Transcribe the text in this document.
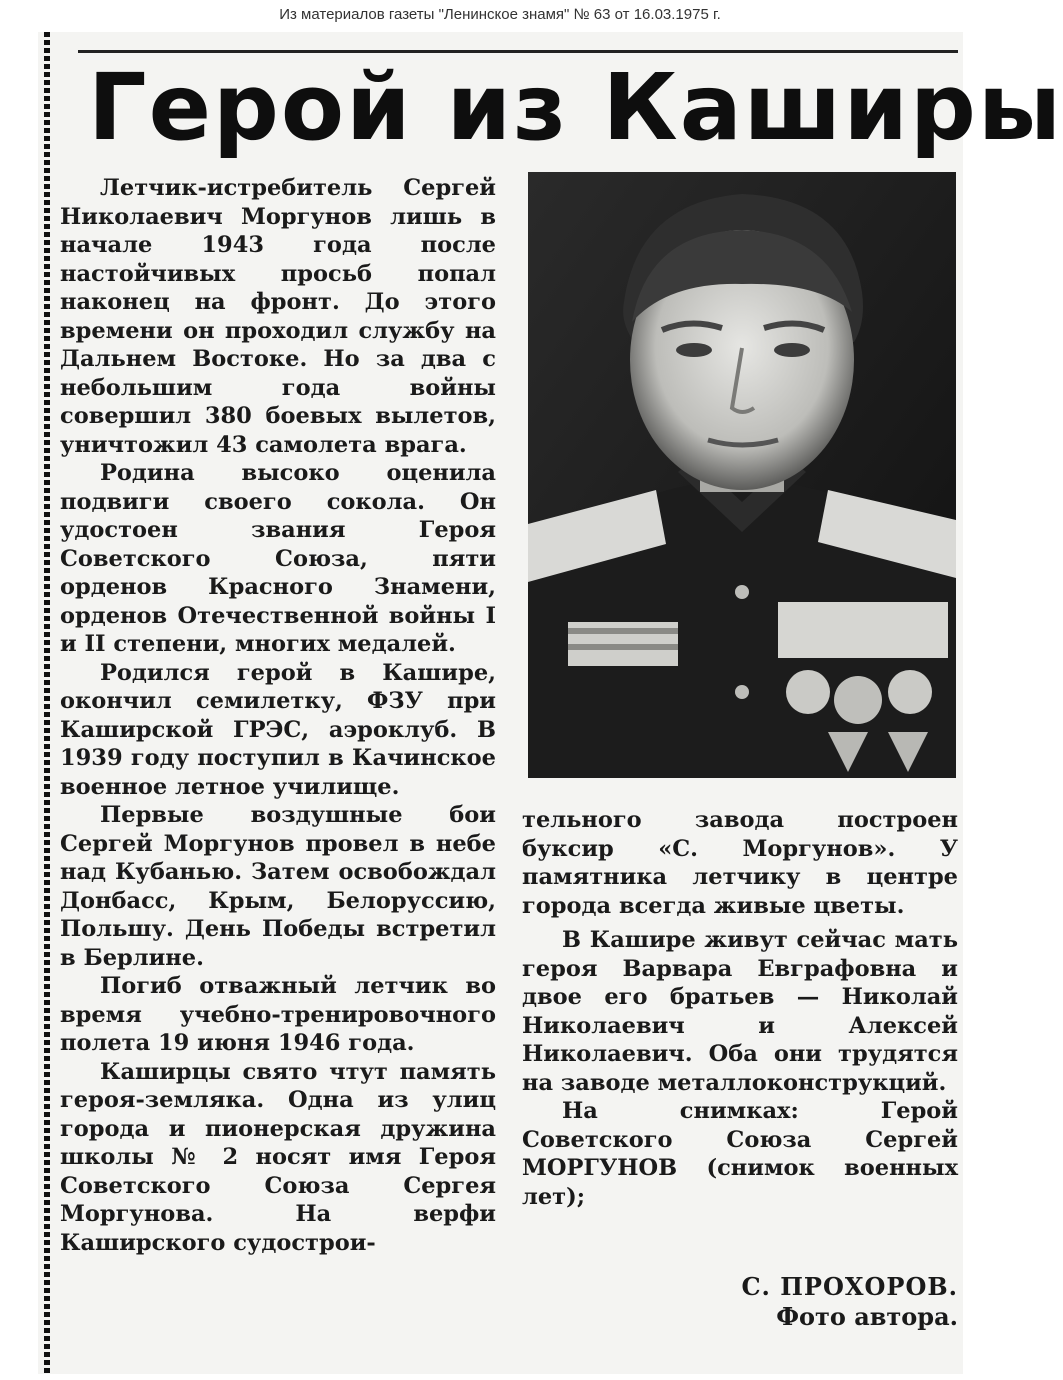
Из материалов газеты "Ленинское знамя" № 63 от 16.03.1975 г.
Герой из Каширы

Летчик-истребитель Сергей Николаевич Моргунов лишь в начале 1943 года после настойчивых просьб попал наконец на фронт. До этого времени он проходил службу на Дальнем Востоке. Но за два с небольшим года войны совершил 380 боевых вылетов, уничтожил 43 самолета врага.

Родина высоко оценила подвиги своего сокола. Он удостоен звания Героя Советского Союза, пяти орденов Красного Знамени, орденов Отечественной войны I и II степени, многих медалей.

Родился герой в Кашире, окончил семилетку, ФЗУ при Каширской ГРЭС, аэроклуб. В 1939 году поступил в Качинское военное летное училище.

Первые воздушные бои Сергей Моргунов провел в небе над Кубанью. Затем освобождал Донбасс, Крым, Белоруссию, Польшу. День Победы встретил в Берлине.

Погиб отважный летчик во время учебно-тренировочного полета 19 июня 1946 года.

Каширцы свято чтут память героя-земляка. Одна из улиц города и пионерская дружина школы № 2 носят имя Героя Советского Союза Сергея Моргунова. На верфи Каширского судострои-

тельного завода построен буксир «С. Моргунов». У памятника летчику в центре города всегда живые цветы.

В Кашире живут сейчас мать героя Варвара Евграфовна и двое его братьев — Николай Николаевич и Алексей Николаевич. Оба они трудятся на заводе металлоконструкций.

На снимках: Герой Советского Союза Сергей МОРГУНОВ (снимок военных лет);

С. ПРОХОРОВ.
Фото автора.
